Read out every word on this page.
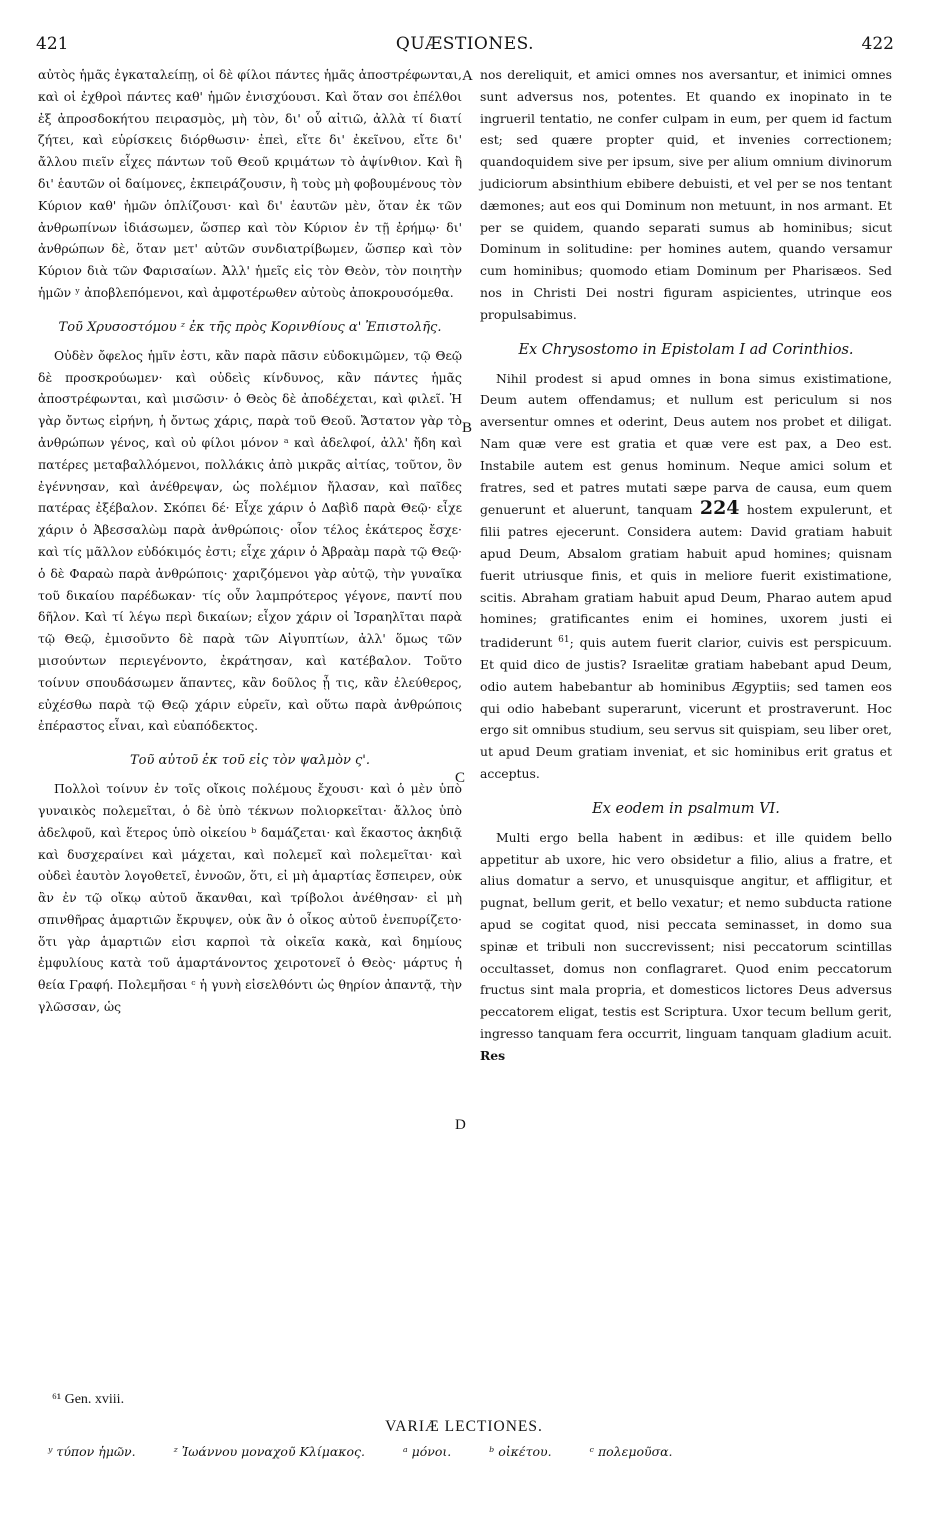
421	QUÆSTIONES.	422
A
B
C
D

αὐτὸς ἡμᾶς ἐγκαταλείπῃ, οἱ δὲ φίλοι πάντες ἡμᾶς ἀποστρέφωνται, καὶ οἱ ἐχθροὶ πάντες καθ' ἡμῶν ἐνισχύουσι. Καὶ ὅταν σοι ἐπέλθοι ἐξ ἀπροσδοκήτου πειρασμὸς, μὴ τὸν, δι' οὗ αἰτιῶ, ἀλλὰ τί διατί ζήτει, καὶ εὑρίσκεις διόρθωσιν· ἐπεὶ, εἴτε δι' ἐκεῖνου, εἴτε δι' ἄλλου πιεῖν εἶχες πάντων τοῦ Θεοῦ κριμάτων τὸ ἀψίνθιον. Καὶ ἢ δι' ἑαυτῶν οἱ δαίμονες, ἐκπειράζουσιν, ἢ τοὺς μὴ φοβουμένους τὸν Κύριον καθ' ἡμῶν ὁπλίζουσι· καὶ δι' ἑαυτῶν μὲν, ὅταν ἐκ τῶν ἀνθρωπίνων ἰδιάσωμεν, ὥσπερ καὶ τὸν Κύριον ἐν τῇ ἐρήμῳ· δι' ἀνθρώπων δὲ, ὅταν μετ' αὐτῶν συνδιατρίβωμεν, ὥσπερ καὶ τὸν Κύριον διὰ τῶν Φαρισαίων. Ἀλλ' ἡμεῖς εἰς τὸν Θεὸν, τὸν ποιητὴν ἡμῶν ʸ ἀποβλεπόμενοι, καὶ ἀμφοτέρωθεν αὐτοὺς ἀποκρουσόμεθα.

Τοῦ Χρυσοστόμου ᶻ ἐκ τῆς πρὸς Κορινθίους α' Ἐπιστολῆς.

Οὐδὲν ὄφελος ἡμῖν ἐστι, κἂν παρὰ πᾶσιν εὐδοκιμῶμεν, τῷ Θεῷ δὲ προσκρούωμεν· καὶ οὐδεὶς κίνδυνος, κἂν πάντες ἡμᾶς ἀποστρέφωνται, καὶ μισῶσιν· ὁ Θεὸς δὲ ἀποδέχεται, καὶ φιλεῖ. Ἡ γὰρ ὄντως εἰρήνη, ἡ ὄντως χάρις, παρὰ τοῦ Θεοῦ. Ἄστατον γὰρ τὸ ἀνθρώπων γένος, καὶ οὐ φίλοι μόνον ᵃ καὶ ἀδελφοί, ἀλλ' ἤδη καὶ πατέρες μεταβαλλόμενοι, πολλάκις ἀπὸ μικρᾶς αἰτίας, τοῦτον, ὃν ἐγέννησαν, καὶ ἀνέθρεψαν, ὡς πολέμιον ἤλασαν, καὶ παῖδες πατέρας ἐξέβαλον. Σκόπει δέ· Εἶχε χάριν ὁ Δαβὶδ παρὰ Θεῷ· εἶχε χάριν ὁ Ἀβεσσαλὼμ παρὰ ἀνθρώποις· οἷον τέλος ἑκάτερος ἔσχε· καὶ τίς μᾶλλον εὐδόκιμός ἐστι; εἶχε χάριν ὁ Ἀβραὰμ παρὰ τῷ Θεῷ· ὁ δὲ Φαραὼ παρὰ ἀνθρώποις· χαριζόμενοι γὰρ αὐτῷ, τὴν γυναῖκα τοῦ δικαίου παρέδωκαν· τίς οὖν λαμπρότερος γέγονε, παντί που δῆλον. Καὶ τί λέγω περὶ δικαίων; εἶχον χάριν οἱ Ἰσραηλῖται παρὰ τῷ Θεῷ, ἐμισοῦντο δὲ παρὰ τῶν Αἰγυπτίων, ἀλλ' ὅμως τῶν μισούντων περιεγένοντο, ἐκράτησαν, καὶ κατέβαλον. Τοῦτο τοίνυν σπουδάσωμεν ἅπαντες, κἂν δοῦλος ᾖ τις, κἂν ἐλεύθερος, εὐχέσθω παρὰ τῷ Θεῷ χάριν εὑρεῖν, καὶ οὕτω παρὰ ἀνθρώποις ἐπέραστος εἶναι, καὶ εὐαπόδεκτος.

Τοῦ αὐτοῦ ἐκ τοῦ εἰς τὸν ψαλμὸν ς'.

Πολλοὶ τοίνυν ἐν τοῖς οἴκοις πολέμους ἔχουσι· καὶ ὁ μὲν ὑπὸ γυναικὸς πολεμεῖται, ὁ δὲ ὑπὸ τέκνων πολιορκεῖται· ἄλλος ὑπὸ ἀδελφοῦ, καὶ ἕτερος ὑπὸ οἰκείου ᵇ δαμάζεται· καὶ ἕκαστος ἀκηδιᾷ καὶ δυσχεραίνει καὶ μάχεται, καὶ πολεμεῖ καὶ πολεμεῖται· καὶ οὐδεὶ ἑαυτὸν λογοθετεῖ, ἐννοῶν, ὅτι, εἰ μὴ ἁμαρτίας ἔσπειρεν, οὐκ ἂν ἐν τῷ οἴκῳ αὐτοῦ ἄκανθαι, καὶ τρίβολοι ἀνέθησαν· εἰ μὴ σπινθῆρας ἁμαρτιῶν ἔκρυψεν, οὐκ ἂν ὁ οἶκος αὐτοῦ ἐνεπυρίζετο· ὅτι γὰρ ἁμαρτιῶν εἰσι καρποὶ τὰ οἰκεῖα κακὰ, καὶ δημίους ἐμφυλίους κατὰ τοῦ ἁμαρτάνοντος χειροτονεῖ ὁ Θεὸς· μάρτυς ἡ θεία Γραφή. Πολεμῆσαι ᶜ ἡ γυνὴ εἰσελθόντι ὡς θηρίον ἀπαντᾷ, τὴν γλῶσσαν, ὡς

nos dereliquit, et amici omnes nos aversantur, et inimici omnes sunt adversus nos, potentes. Et quando ex inopinato in te ingrueril tentatio, ne confer culpam in eum, per quem id factum est; sed quære propter quid, et invenies correctionem; quandoquidem sive per ipsum, sive per alium omnium divinorum judiciorum absinthium ebibere debuisti, et vel per se nos tentant dæmones; aut eos qui Dominum non metuunt, in nos armant. Et per se quidem, quando separati sumus ab hominibus; sicut Dominum in solitudine: per homines autem, quando versamur cum hominibus; quomodo etiam Dominum per Pharisæos. Sed nos in Christi Dei nostri figuram aspicientes, utrinque eos propulsabimus.

Ex Chrysostomo in Epistolam I ad Corinthios.

Nihil prodest si apud omnes in bona simus existimatione, Deum autem offendamus; et nullum est periculum si nos aversentur omnes et oderint, Deus autem nos probet et diligat. Nam quæ vere est gratia et quæ vere est pax, a Deo est. Instabile autem est genus hominum. Neque amici solum et fratres, sed et patres mutati sæpe parva de causa, eum quem genuerunt et aluerunt, tanquam 224 hostem expulerunt, et filii patres ejecerunt. Considera autem: David gratiam habuit apud Deum, Absalom gratiam habuit apud homines; quisnam fuerit utriusque finis, et quis in meliore fuerit existimatione, scitis. Abraham gratiam habuit apud Deum, Pharao autem apud homines; gratificantes enim ei homines, uxorem justi ei tradiderunt $^{61}$; quis autem fuerit clarior, cuivis est perspicuum. Et quid dico de justis? Israelitæ gratiam habebant apud Deum, odio autem habebantur ab hominibus Ægyptiis; sed tamen eos qui odio habebant superarunt, vicerunt et prostraverunt. Hoc ergo sit omnibus studium, seu servus sit quispiam, seu liber oret, ut apud Deum gratiam inveniat, et sic hominibus erit gratus et acceptus.

Ex eodem in psalmum VI.

Multi ergo bella habent in ædibus: et ille quidem bello appetitur ab uxore, hic vero obsidetur a filio, alius a fratre, et alius domatur a servo, et unusquisque angitur, et affligitur, et pugnat, bellum gerit, et bello vexatur; et nemo subducta ratione apud se cogitat quod, nisi peccata seminasset, in domo sua spinæ et tribuli non succrevissent; nisi peccatorum scintillas occultasset, domus non conflagraret. Quod enim peccatorum fructus sint mala propria, et domesticos lictores Deus adversus peccatorem eligat, testis est Scriptura. Uxor tecum bellum gerit, ingresso tanquam fera occurrit, linguam tanquam gladium acuit. Res

⁶¹ Gen. xviii.
VARIÆ LECTIONES.
ʸ τύπον ἡμῶν.	ᶻ Ἰωάννου μοναχοῦ Κλίμακος.	ᵃ μόνοι.	ᵇ οἰκέτου.	ᶜ πολεμοῦσα.
